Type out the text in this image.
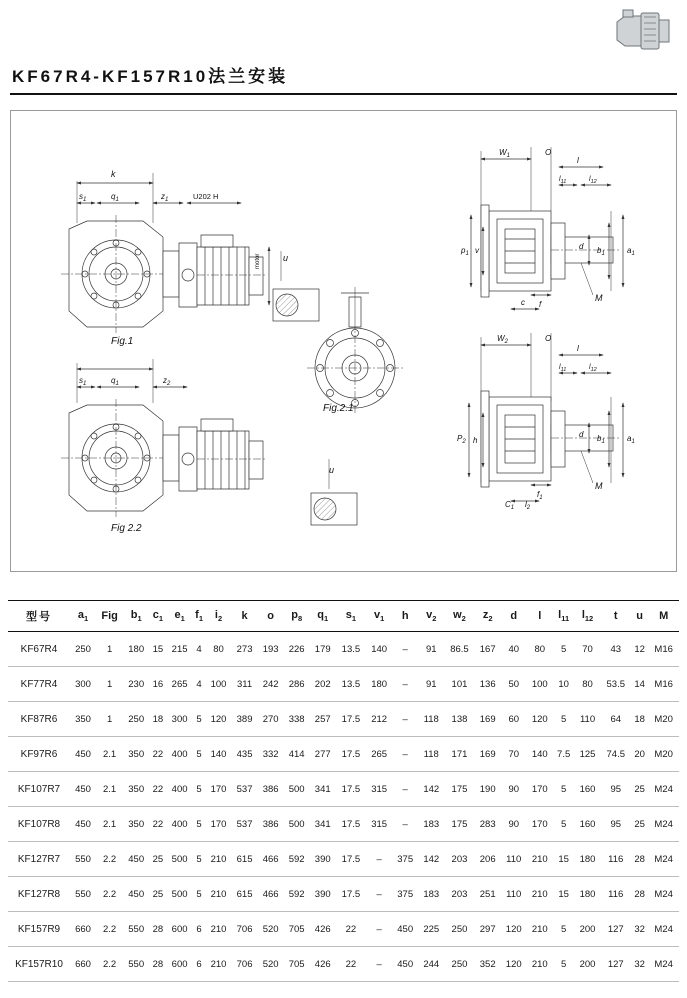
KF67R4-KF157R10法兰安装
k
$s_1$	$q_1$	$z_1$	U202 H
motor u
$s_1$	$q_1$	$z_2$
u
$W_1$	O
l
$l_{11}$	$l_{12}$
$a_1$
$b_1$
d
$p_1$ v
f
c	M
$W_2$	O
l
$l_{11}$	$l_{12}$
$a_1$
$b_1$
d
$P_2$ h
$f_1$
$C_1$ $l_2$
M
Fig.1
Fig.2.1
Fig 2.2
型号	$a_1$	Fig	$b_1$	$c_1$	$e_1$	$f_1$	$i_2$	k	o	$p_8$	$q_1$	$s_1$	$v_1$	h	$v_2$	$w_2$	$z_2$	d	l	$l_{11}$	$l_{12}$	t	u	M
KF67R4	250	1	180	15	215	4	80	273	193	226	179	13.5	140	–	91	86.5	167	40	80	5	70	43	12	M16
KF77R4	300	1	230	16	265	4	100	311	242	286	202	13.5	180	–	91	101	136	50	100	10	80	53.5	14	M16
KF87R6	350	1	250	18	300	5	120	389	270	338	257	17.5	212	–	118	138	169	60	120	5	110	64	18	M20
KF97R6	450	2.1	350	22	400	5	140	435	332	414	277	17.5	265	–	118	171	169	70	140	7.5	125	74.5	20	M20
KF107R7	450	2.1	350	22	400	5	170	537	386	500	341	17.5	315	–	142	175	190	90	170	5	160	95	25	M24
KF107R8	450	2.1	350	22	400	5	170	537	386	500	341	17.5	315	–	183	175	283	90	170	5	160	95	25	M24
KF127R7	550	2.2	450	25	500	5	210	615	466	592	390	17.5	–	375	142	203	206	110	210	15	180	116	28	M24
KF127R8	550	2.2	450	25	500	5	210	615	466	592	390	17.5	–	375	183	203	251	110	210	15	180	116	28	M24
KF157R9	660	2.2	550	28	600	6	210	706	520	705	426	22	–	450	225	250	297	120	210	5	200	127	32	M24
KF157R10	660	2.2	550	28	600	6	210	706	520	705	426	22	–	450	244	250	352	120	210	5	200	127	32	M24
